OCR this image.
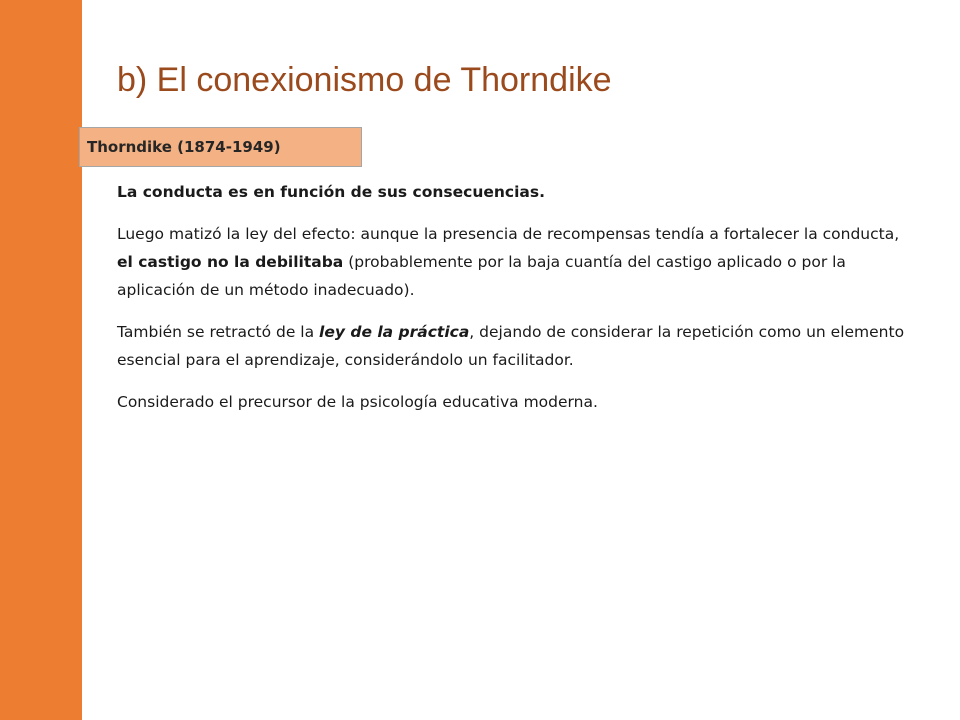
b) El conexionismo de Thorndike
Thorndike (1874-1949)

La conducta es en función de sus consecuencias.

Luego matizó la ley del efecto: aunque la presencia de recompensas tendía a fortalecer la conducta, el castigo no la debilitaba (probablemente por la baja cuantía del castigo aplicado o por la aplicación de un método inadecuado).

También se retractó de la ley de la práctica, dejando de considerar la repetición como un elemento esencial para el aprendizaje, considerándolo un facilitador.

Considerado el precursor de la psicología educativa moderna.
